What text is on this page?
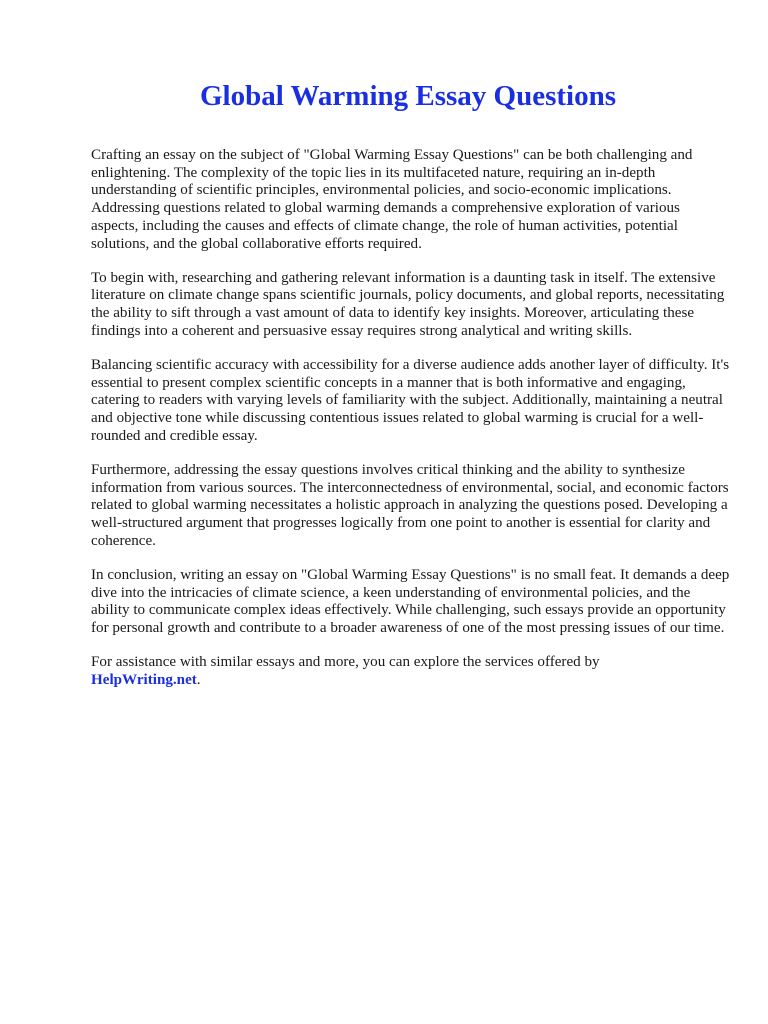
Global Warming Essay Questions

Crafting an essay on the subject of "Global Warming Essay Questions" can be both challenging and enlightening. The complexity of the topic lies in its multifaceted nature, requiring an in-depth understanding of scientific principles, environmental policies, and socio-economic implications. Addressing questions related to global warming demands a comprehensive exploration of various aspects, including the causes and effects of climate change, the role of human activities, potential solutions, and the global collaborative efforts required.

To begin with, researching and gathering relevant information is a daunting task in itself. The extensive literature on climate change spans scientific journals, policy documents, and global reports, necessitating the ability to sift through a vast amount of data to identify key insights. Moreover, articulating these findings into a coherent and persuasive essay requires strong analytical and writing skills.

Balancing scientific accuracy with accessibility for a diverse audience adds another layer of difficulty. It's essential to present complex scientific concepts in a manner that is both informative and engaging, catering to readers with varying levels of familiarity with the subject. Additionally, maintaining a neutral and objective tone while discussing contentious issues related to global warming is crucial for a well-rounded and credible essay.

Furthermore, addressing the essay questions involves critical thinking and the ability to synthesize information from various sources. The interconnectedness of environmental, social, and economic factors related to global warming necessitates a holistic approach in analyzing the questions posed. Developing a well-structured argument that progresses logically from one point to another is essential for clarity and coherence.

In conclusion, writing an essay on "Global Warming Essay Questions" is no small feat. It demands a deep dive into the intricacies of climate science, a keen understanding of environmental policies, and the ability to communicate complex ideas effectively. While challenging, such essays provide an opportunity for personal growth and contribute to a broader awareness of one of the most pressing issues of our time.

For assistance with similar essays and more, you can explore the services offered by
HelpWriting.net.
